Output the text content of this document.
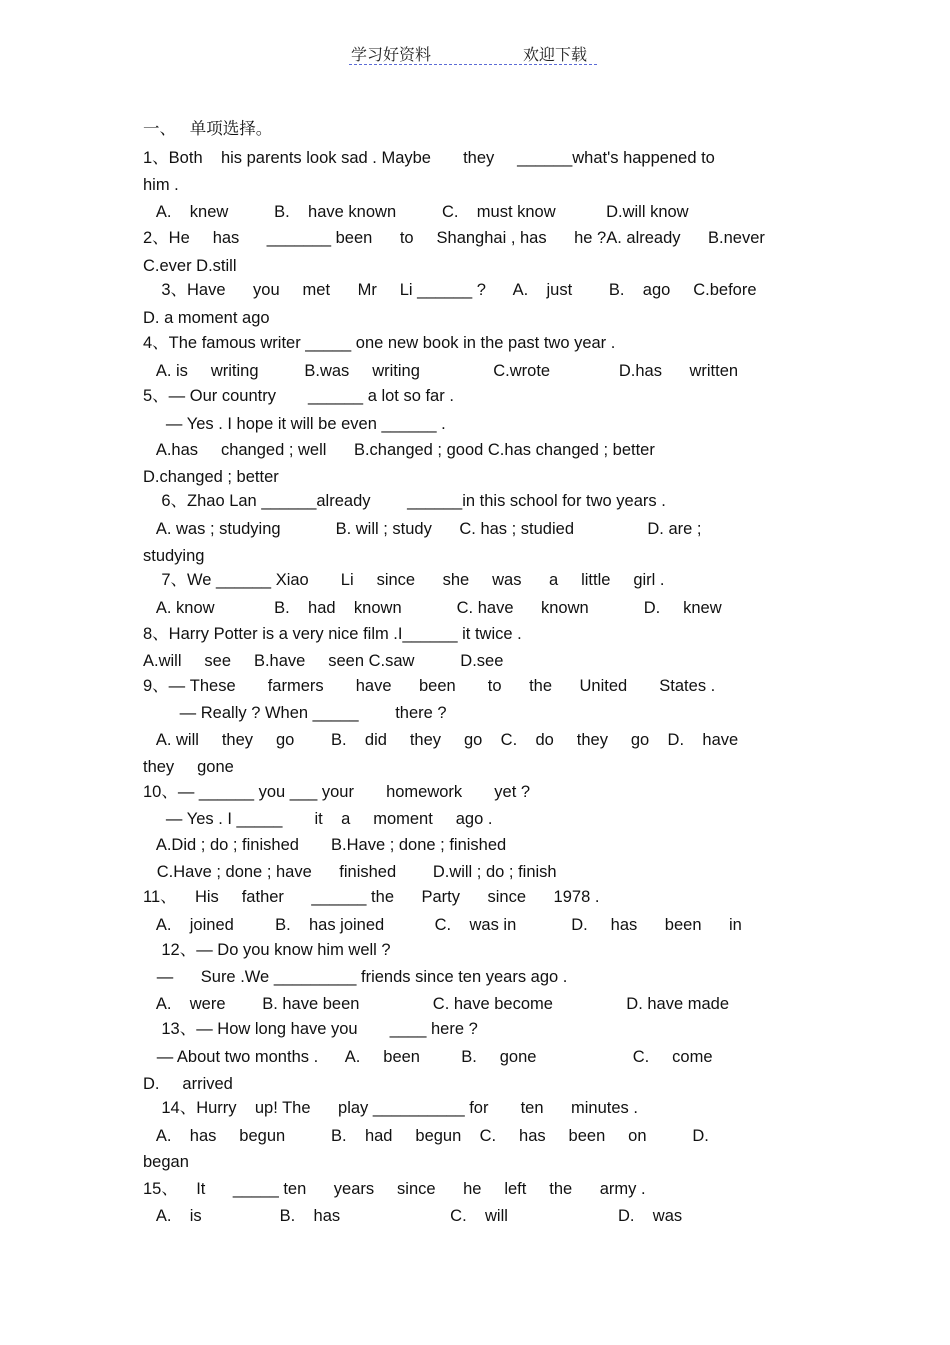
学习好资料	欢迎下载
一、   单项选择。
1、Both    his parents look sad . Maybe       they     ______what's happened to
him .
A.    knew          B.    have known          C.    must know           D.will know
2、He     has      _______ been      to     Shanghai , has      he ?A. already      B.never
C.ever D.still
3、Have      you     met      Mr     Li ______ ?      A.    just        B.    ago     C.before
D. a moment ago
4、The famous writer _____ one new book in the past two year .
A. is     writing          B.was     writing                C.wrote               D.has      written
5、— Our country       ______ a lot so far .
— Yes . I hope it will be even ______ .
A.has     changed ; well      B.changed ; good C.has changed ; better
D.changed ; better
6、Zhao Lan ______already        ______in this school for two years .
A. was ; studying            B. will ; study      C. has ; studied                D. are ;
studying
7、We ______ Xiao       Li     since      she     was      a     little     girl .
A. know             B.    had    known            C. have      known            D.     knew
8、Harry Potter is a very nice film .I______ it twice .
A.will     see     B.have     seen C.saw          D.see
9、— These       farmers       have      been       to      the      United       States .
— Really ? When _____        there ?
A. will     they     go        B.    did     they     go    C.    do     they     go    D.    have
they     gone
10、— ______ you ___ your       homework       yet ?
— Yes . I _____       it    a     moment     ago .
A.Did ; do ; finished       B.Have ; done ; finished
C.Have ; done ; have      finished        D.will ; do ; finish
11、    His     father      ______ the      Party      since      1978 .
A.    joined         B.    has joined           C.    was in            D.     has      been      in
12、— Do you know him well ?
—      Sure .We _________ friends since ten years ago .
A.    were        B. have been                C. have become                D. have made
13、— How long have you       ____ here ?
— About two months .      A.     been         B.     gone                     C.     come
D.     arrived
14、Hurry    up! The      play __________ for       ten      minutes .
A.    has     begun          B.    had     begun    C.     has     been     on          D.
began
15、    It      _____ ten      years     since      he     left     the      army .
A.    is                 B.    has                        C.    will                        D.    was
